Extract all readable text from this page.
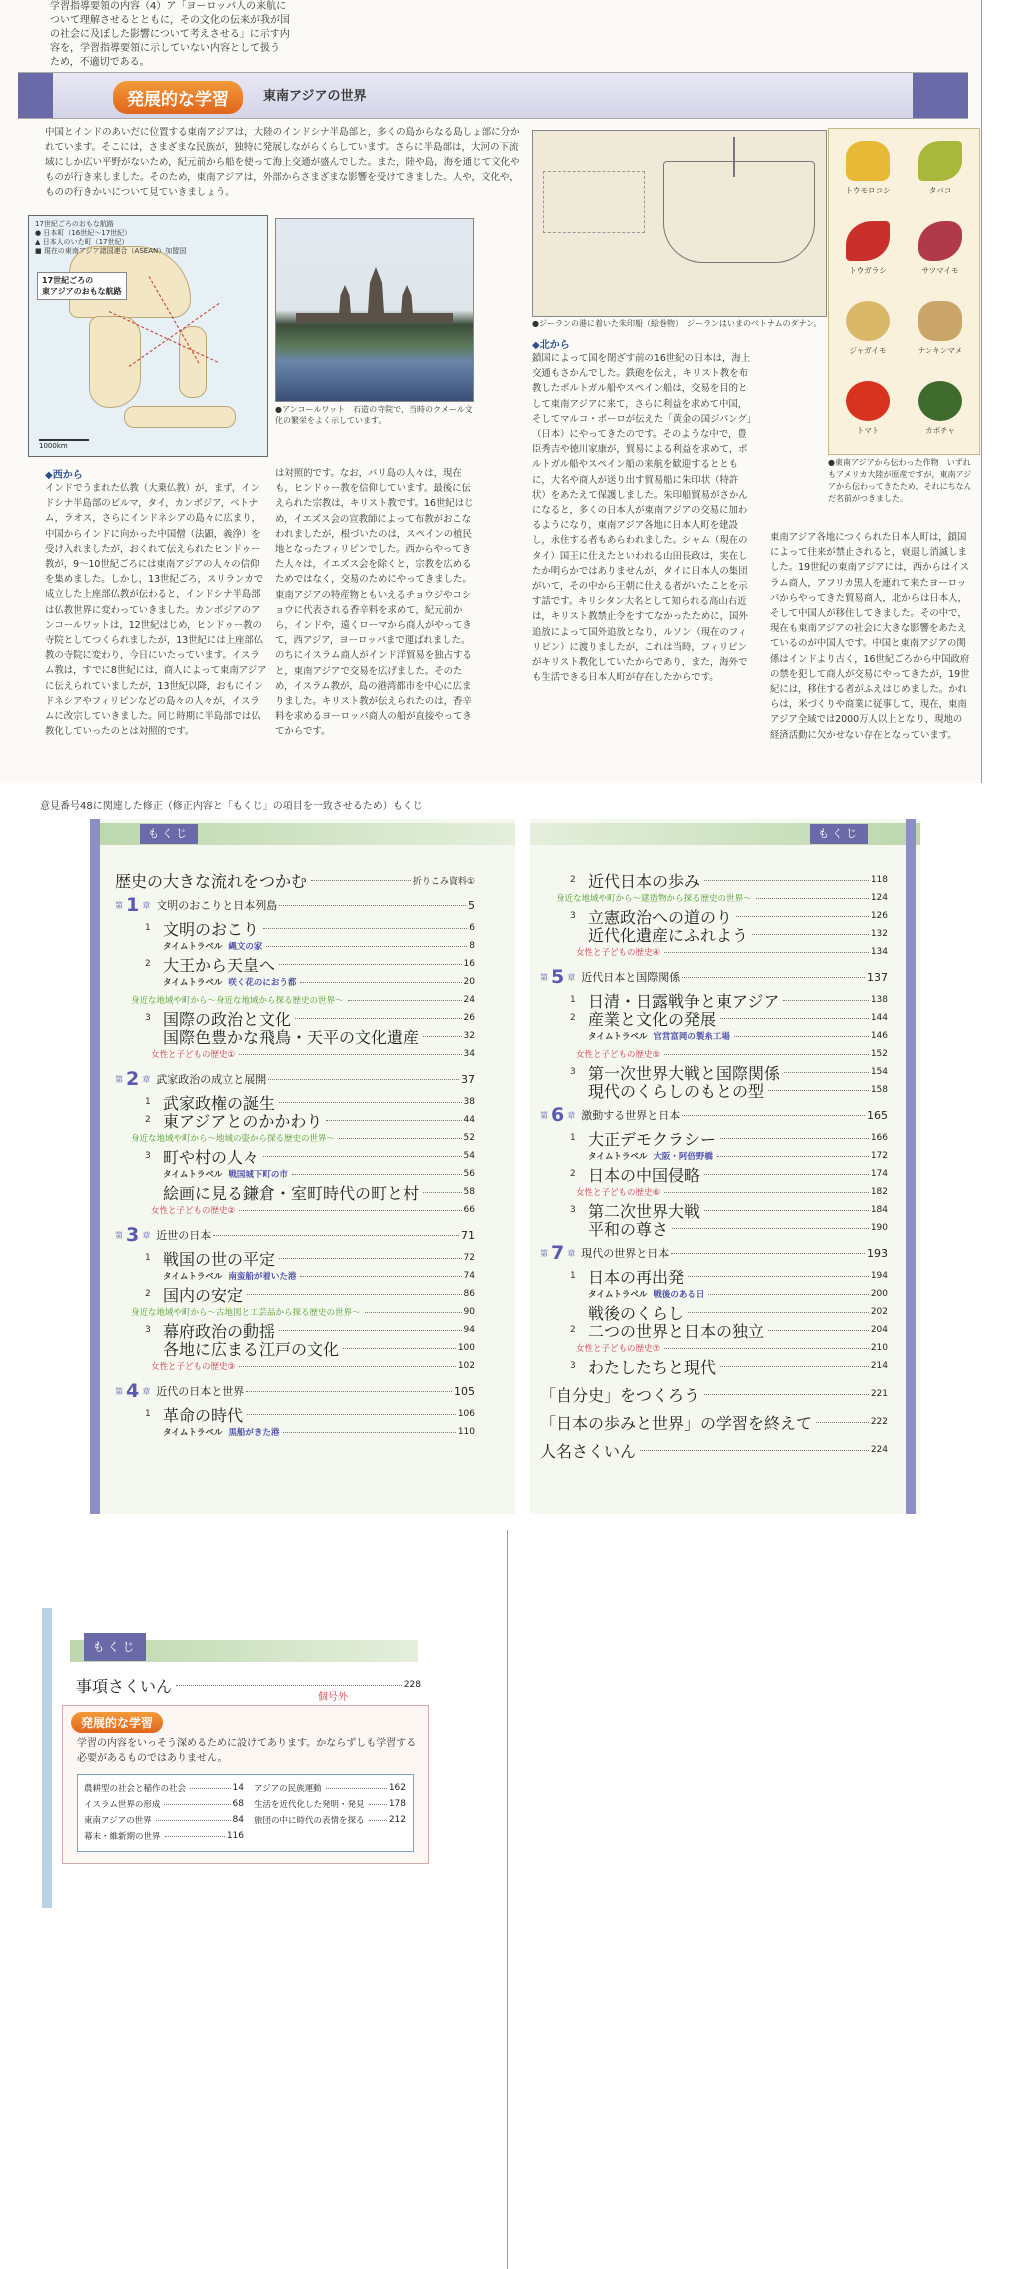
学習指導要領の内容（4）ア「ヨーロッパ人の来航に
ついて理解させるとともに，その文化の伝来が我が国
の社会に及ぼした影響について考えさせる」に示す内
容を，学習指導要領に示していない内容として扱う
ため，不適切である。
発展的な学習	東南アジアの世界
中国とインドのあいだに位置する東南アジアは，大陸のインドシナ半島部と，多くの島からなる島しょ部に分かれています。そこには，さまざまな民族が，独特に発展しながらくらしています。さらに半島部は，大河の下流域にしか広い平野がないため，紀元前から船を使って海上交通が盛んでした。また，陸や島，海を通じて文化やものが行き来しました。そのため，東南アジアは，外部からさまざまな影響を受けてきました。人や，文化や，ものの行きかいについて見ていきましょう。
17世紀ごろのおもな航路
● 日本町（16世紀～17世紀）
▲ 日本人のいた町（17世紀）
■ 現在の東南アジア諸国連合（ASEAN）加盟国
17世紀ごろの
東アジアのおもな航路
1000km
●アンコールワット　石造の寺院で，当時のクメール文化の繁栄をよく示しています。
●ジーランの港に着いた朱印船（絵巻物）　ジーランはいまのベトナムのダナン。
トウモロコシ	タバコ
トウガラシ	サツマイモ
ジャガイモ	ナンキンマメ
トマト	カボチャ
●東南アジアから伝わった作物　いずれもアメリカ大陸が原産ですが，東南アジアから伝わってきたため，それにちなんだ名前がつきました。
◆西から
インドでうまれた仏教（大乗仏教）が，まず，インドシナ半島部のビルマ，タイ，カンボジア，ベトナム，ラオス，さらにインドネシアの島々に広まり，中国からインドに向かった中国僧（法顕，義浄）を受け入れましたが，おくれて伝えられたヒンドゥー教が，9～10世紀ごろには東南アジアの人々の信仰を集めました。しかし，13世紀ごろ，スリランカで成立した上座部仏教が伝わると，インドシナ半島部は仏教世界に変わっていきました。カンボジアのアンコールワットは，12世紀はじめ，ヒンドゥー教の寺院としてつくられましたが，13世紀には上座部仏教の寺院に変わり，今日にいたっています。イスラム教は，すでに8世紀には，商人によって東南アジアに伝えられていましたが，13世紀以降，おもにインドネシアやフィリピンなどの島々の人々が，イスラムに改宗していきました。同じ時期に半島部では仏教化していったのとは対照的です。
は対照的です。なお，バリ島の人々は，現在も，ヒンドゥー教を信仰しています。最後に伝えられた宗教は，キリスト教です。16世紀はじめ，イエズス会の宣教師によって布教がおこなわれましたが，根づいたのは，スペインの植民地となったフィリピンでした。西からやってきた人々は，イエズス会を除くと，宗教を広めるためではなく，交易のためにやってきました。東南アジアの特産物ともいえるチョウジやコショウに代表される香辛料を求めて，紀元前から，インドや，遠くローマから商人がやってきて，西アジア，ヨーロッパまで運ばれました。のちにイスラム商人がインド洋貿易を独占すると，東南アジアで交易を広げました。そのため，イスラム教が，島の港湾都市を中心に広まりました。キリスト教が伝えられたのは，香辛料を求めるヨーロッパ商人の船が直接やってきてからです。
◆北から
鎖国によって国を閉ざす前の16世紀の日本は，海上交通もさかんでした。鉄砲を伝え，キリスト教を布教したポルトガル船やスペイン船は，交易を目的として東南アジアに来て，さらに利益を求めて中国，そしてマルコ・ポーロが伝えた「黄金の国ジパング」（日本）にやってきたのです。そのような中で，豊臣秀吉や徳川家康が，貿易による利益を求めて，ポルトガル船やスペイン船の来航を歓迎するとともに，大名や商人が送り出す貿易船に朱印状（特許状）をあたえて保護しました。朱印船貿易がさかんになると，多くの日本人が東南アジアの交易に加わるようになり，東南アジア各地に日本人町を建設し，永住する者もあらわれました。シャム（現在のタイ）国王に仕えたといわれる山田長政は，実在したか明らかではありませんが，タイに日本人の集団がいて，その中から王朝に仕える者がいたことを示す話です。キリシタン大名として知られる高山右近は，キリスト教禁止令をすてなかったために，国外追放によって国外追放となり，ルソン（現在のフィリピン）に渡りましたが，これは当時，フィリピンがキリスト教化していたからであり，また，海外でも生活できる日本人町が存在したからです。
東南アジア各地につくられた日本人町は，鎖国によって往来が禁止されると，衰退し消滅しました。19世紀の東南アジアには，西からはイスラム商人，アフリカ黒人を連れて来たヨーロッパからやってきた貿易商人，北からは日本人，そして中国人が移住してきました。その中で，現在も東南アジアの社会に大きな影響をあたえているのが中国人です。中国と東南アジアの関係はインドより古く，16世紀ごろから中国政府の禁を犯して商人が交易にやってきたが，19世紀には，移住する者がふえはじめました。かれらは，米づくりや商業に従事して，現在，東南アジア全域では2000万人以上となり，現地の経済活動に欠かせない存在となっています。
意見番号48に関連した修正（修正内容と「もくじ」の項目を一致させるため）もくじ
もくじ	もくじ
歴史の大きな流れをつかむ	折りこみ資料①
第 1 章 文明のおこりと日本列島	5
1 文明のおこり	6
タイムトラベル 縄文の家	8
2 大王から天皇へ	16
タイムトラベル 咲く花のにおう都	20
身近な地域や町から～身近な地域から探る歴史の世界～	24
3 国際の政治と文化	26
国際色豊かな飛鳥・天平の文化遺産	32
女性と子どもの歴史①	34
第 2 章 武家政治の成立と展開	37
1 武家政権の誕生	38
2 東アジアとのかかわり	44
身近な地域や町から～地域の姿から探る歴史の世界～	52
3 町や村の人々	54
タイムトラベル 戦国城下町の市	56
絵画に見る鎌倉・室町時代の町と村	58
女性と子どもの歴史②	66
第 3 章 近世の日本	71
1 戦国の世の平定	72
タイムトラベル 南蛮船が着いた港	74
2 国内の安定	86
身近な地域や町から～古地図と工芸品から探る歴史の世界～	90
3 幕府政治の動揺	94
各地に広まる江戸の文化	100
女性と子どもの歴史③	102
第 4 章 近代の日本と世界	105
1 革命の時代	106
タイムトラベル 黒船がきた港	110
2 近代日本の歩み	118
身近な地域や町から～建造物から探る歴史の世界～	124
3 立憲政治への道のり	126
近代化遺産にふれよう	132
女性と子どもの歴史④	134
第 5 章 近代日本と国際関係	137
1 日清・日露戦争と東アジア	138
2 産業と文化の発展	144
タイムトラベル 官営富岡の製糸工場	146
女性と子どもの歴史⑤	152
3 第一次世界大戦と国際関係	154
現代のくらしのもとの型	158
第 6 章 激動する世界と日本	165
1 大正デモクラシー	166
タイムトラベル 大阪・阿倍野橋	172
2 日本の中国侵略	174
女性と子どもの歴史⑥	182
3 第二次世界大戦	184
平和の尊さ	190
第 7 章 現代の世界と日本	193
1 日本の再出発	194
タイムトラベル 戦後のある日	200
戦後のくらし	202
2 二つの世界と日本の独立	204
女性と子どもの歴史⑦	210
3 わたしたちと現代	214
「自分史」をつくろう	221
「日本の歩みと世界」の学習を終えて	222
人名さくいん	224
もくじ
事項さくいん	228
個号外
発展的な学習
学習の内容をいっそう深めるために設けてあります。かならずしも学習する必要があるものではありません。
農耕型の社会と稲作の社会	14
イスラム世界の形成	68
東南アジアの世界	84
幕末・維新期の世界	116
アジアの民族運動	162
生活を近代化した発明・発見	178
旅団の中に時代の表情を探る	212
